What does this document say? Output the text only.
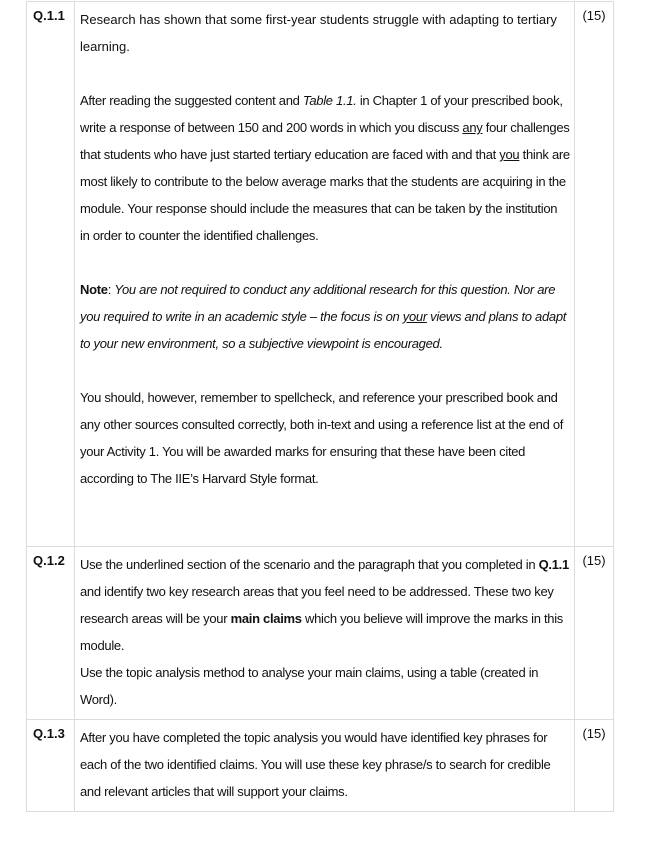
Q.1.1	Research has shown that some first-year students struggle with adapting to tertiary learning.

After reading the suggested content and Table 1.1. in Chapter 1 of your prescribed book, write a response of between 150 and 200 words in which you discuss any four challenges that students who have just started tertiary education are faced with and that you think are most likely to contribute to the below average marks that the students are acquiring in the module. Your response should include the measures that can be taken by the institution in order to counter the identified challenges.

Note: You are not required to conduct any additional research for this question. Nor are you required to write in an academic style – the focus is on your views and plans to adapt to your new environment, so a subjective viewpoint is encouraged.

You should, however, remember to spellcheck, and reference your prescribed book and any other sources consulted correctly, both in-text and using a reference list at the end of your Activity 1. You will be awarded marks for ensuring that these have been cited according to The IIE’s Harvard Style format.	(15)
Q.1.2	Use the underlined section of the scenario and the paragraph that you completed in Q.1.1 and identify two key research areas that you feel need to be addressed. These two key research areas will be your main claims which you believe will improve the marks in this module.

Use the topic analysis method to analyse your main claims, using a table (created in Word).	(15)
Q.1.3	After you have completed the topic analysis you would have identified key phrases for each of the two identified claims. You will use these key phrase/s to search for credible and relevant articles that will support your claims.	(15)
